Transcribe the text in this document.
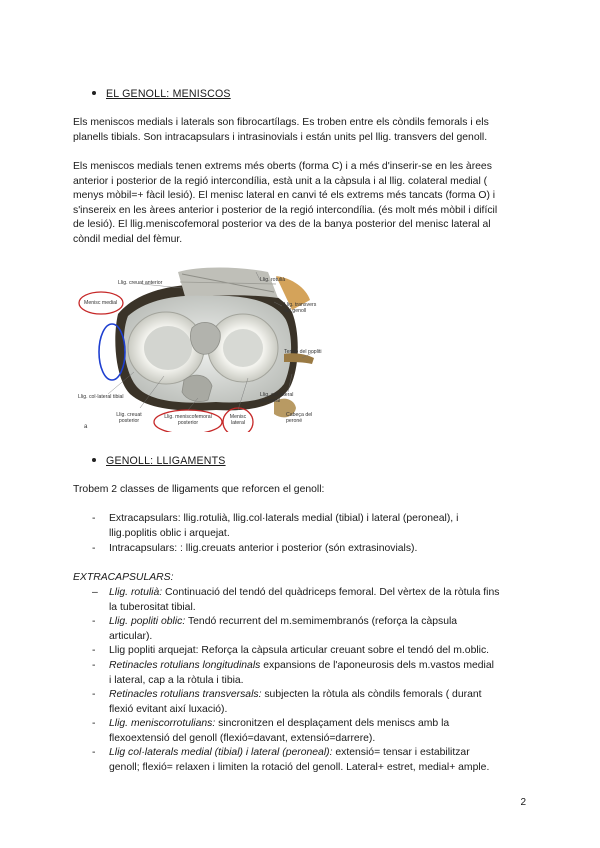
EL GENOLL: MENISCOS
Els meniscos medials i laterals son fibrocartílags. Es troben entre els còndils femorals i els
planells tibials. Son intracapsulars i intrasinovials i están units pel llig. transvers del genoll.
Els meniscos medials tenen extrems més oberts (forma C) i a més d'inserir-se en les àrees
anterior i posterior de la regió intercondília, està unit a la càpsula i al llig. colateral medial (
menys mòbil=+ fàcil lesió). El menisc lateral en canvi té els extrems més tancats (forma O) i
s'insereix en les àrees anterior i posterior de la regió intercondília. (és molt més mòbil i difícil
de lesió). El llig.meniscofemoral posterior va des de la banya posterior del menisc lateral al
còndil medial del fèmur.
Llig. creuat anterior	Llig. rotulià
Menisc medial	Llig. transvers del genoll
Tendó del popliti
Llig. col·lateral tibial
Llig. creuat posterior
Llig. meniscofemoral posterior
Menisc lateral
Llig. col·lateral peroneal
Cabeça del peroné
a
GENOLL: LLIGAMENTS
Trobem 2 classes de lligaments que reforcen el genoll:
- Extracapsulars: llig.rotulià, llig.col·laterals medial (tibial) i lateral (peroneal), i
llig.poplitis oblic i arquejat.
- Intracapsulars: : llig.creuats anterior i posterior (són extrasinovials).
EXTRACAPSULARS:
– Llig. rotulià: Continuació del tendó del quàdriceps femoral. Del vèrtex de la ròtula fins
la tuberositat tibial.
- Llig. popliti oblic: Tendó recurrent del m.semimembranós (reforça la càpsula
articular).
- Llig popliti arquejat: Reforça la càpsula articular creuant sobre el tendó del m.oblic.
- Retinacles rotulians longitudinals expansions de l'aponeurosis dels m.vastos medial
i lateral, cap a la ròtula i tibia.
- Retinacles rotulians transversals: subjecten la ròtula als còndils femorals ( durant
flexió evitant així luxació).
- Llig. meniscorrotulians: sincronitzen el desplaçament dels meniscs amb la
flexoextensió del genoll (flexió=davant, extensió=darrere).
- Llig col·laterals medial (tibial) i lateral (peroneal): extensió= tensar i estabilitzar
genoll; flexió= relaxen i limiten la rotació del genoll. Lateral+ estret, medial+ ample.
2
